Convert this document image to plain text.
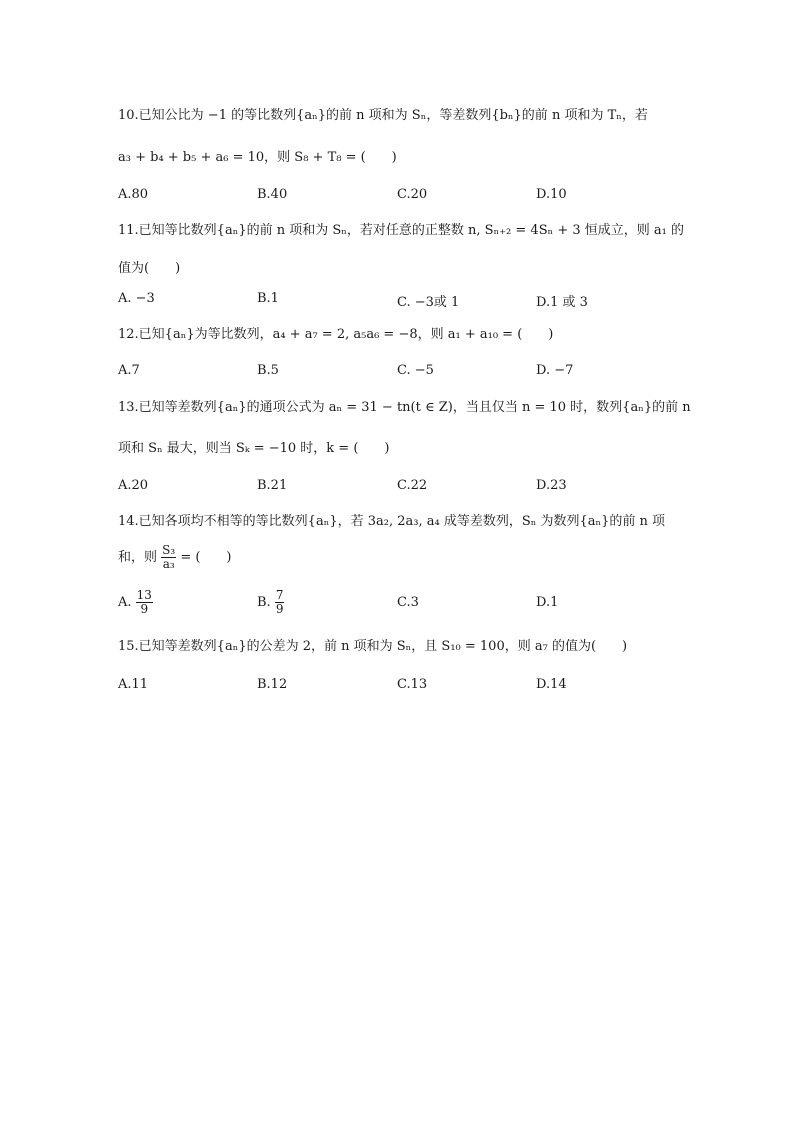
10.已知公比为 −1 的等比数列{aₙ}的前 n 项和为 Sₙ，等差数列{bₙ}的前 n 项和为 Tₙ，若
a₃ + b₄ + b₅ + a₆ = 10，则 S₈ + T₈ = (　　)
A.80	B.40	C.20	D.10
11.已知等比数列{aₙ}的前 n 项和为 Sₙ，若对任意的正整数 n, Sₙ₊₂ = 4Sₙ + 3 恒成立，则 a₁ 的
值为(　　)
A. −3	B.1	C. −3或 1	D.1 或 3
12.已知{aₙ}为等比数列，a₄ + a₇ = 2, a₅a₆ = −8，则 a₁ + a₁₀ = (　　)
A.7	B.5	C. −5	D. −7
13.已知等差数列{aₙ}的通项公式为 aₙ = 31 − tn(t ∈ Z)，当且仅当 n = 10 时，数列{aₙ}的前 n
项和 Sₙ 最大，则当 Sₖ = −10 时，k = (　　)
A.20	B.21	C.22	D.23
14.已知各项均不相等的等比数列{aₙ}，若 3a₂, 2a₃, a₄ 成等差数列，Sₙ 为数列{aₙ}的前 n 项
和，则 $\frac{\text{S₃}}{\text{a₃}}$ = (　　)
A. $\frac{13}{9}$	B. $\frac{7}{9}$	C.3	D.1
15.已知等差数列{aₙ}的公差为 2，前 n 项和为 Sₙ，且 S₁₀ = 100，则 a₇ 的值为(　　)
A.11	B.12	C.13	D.14
